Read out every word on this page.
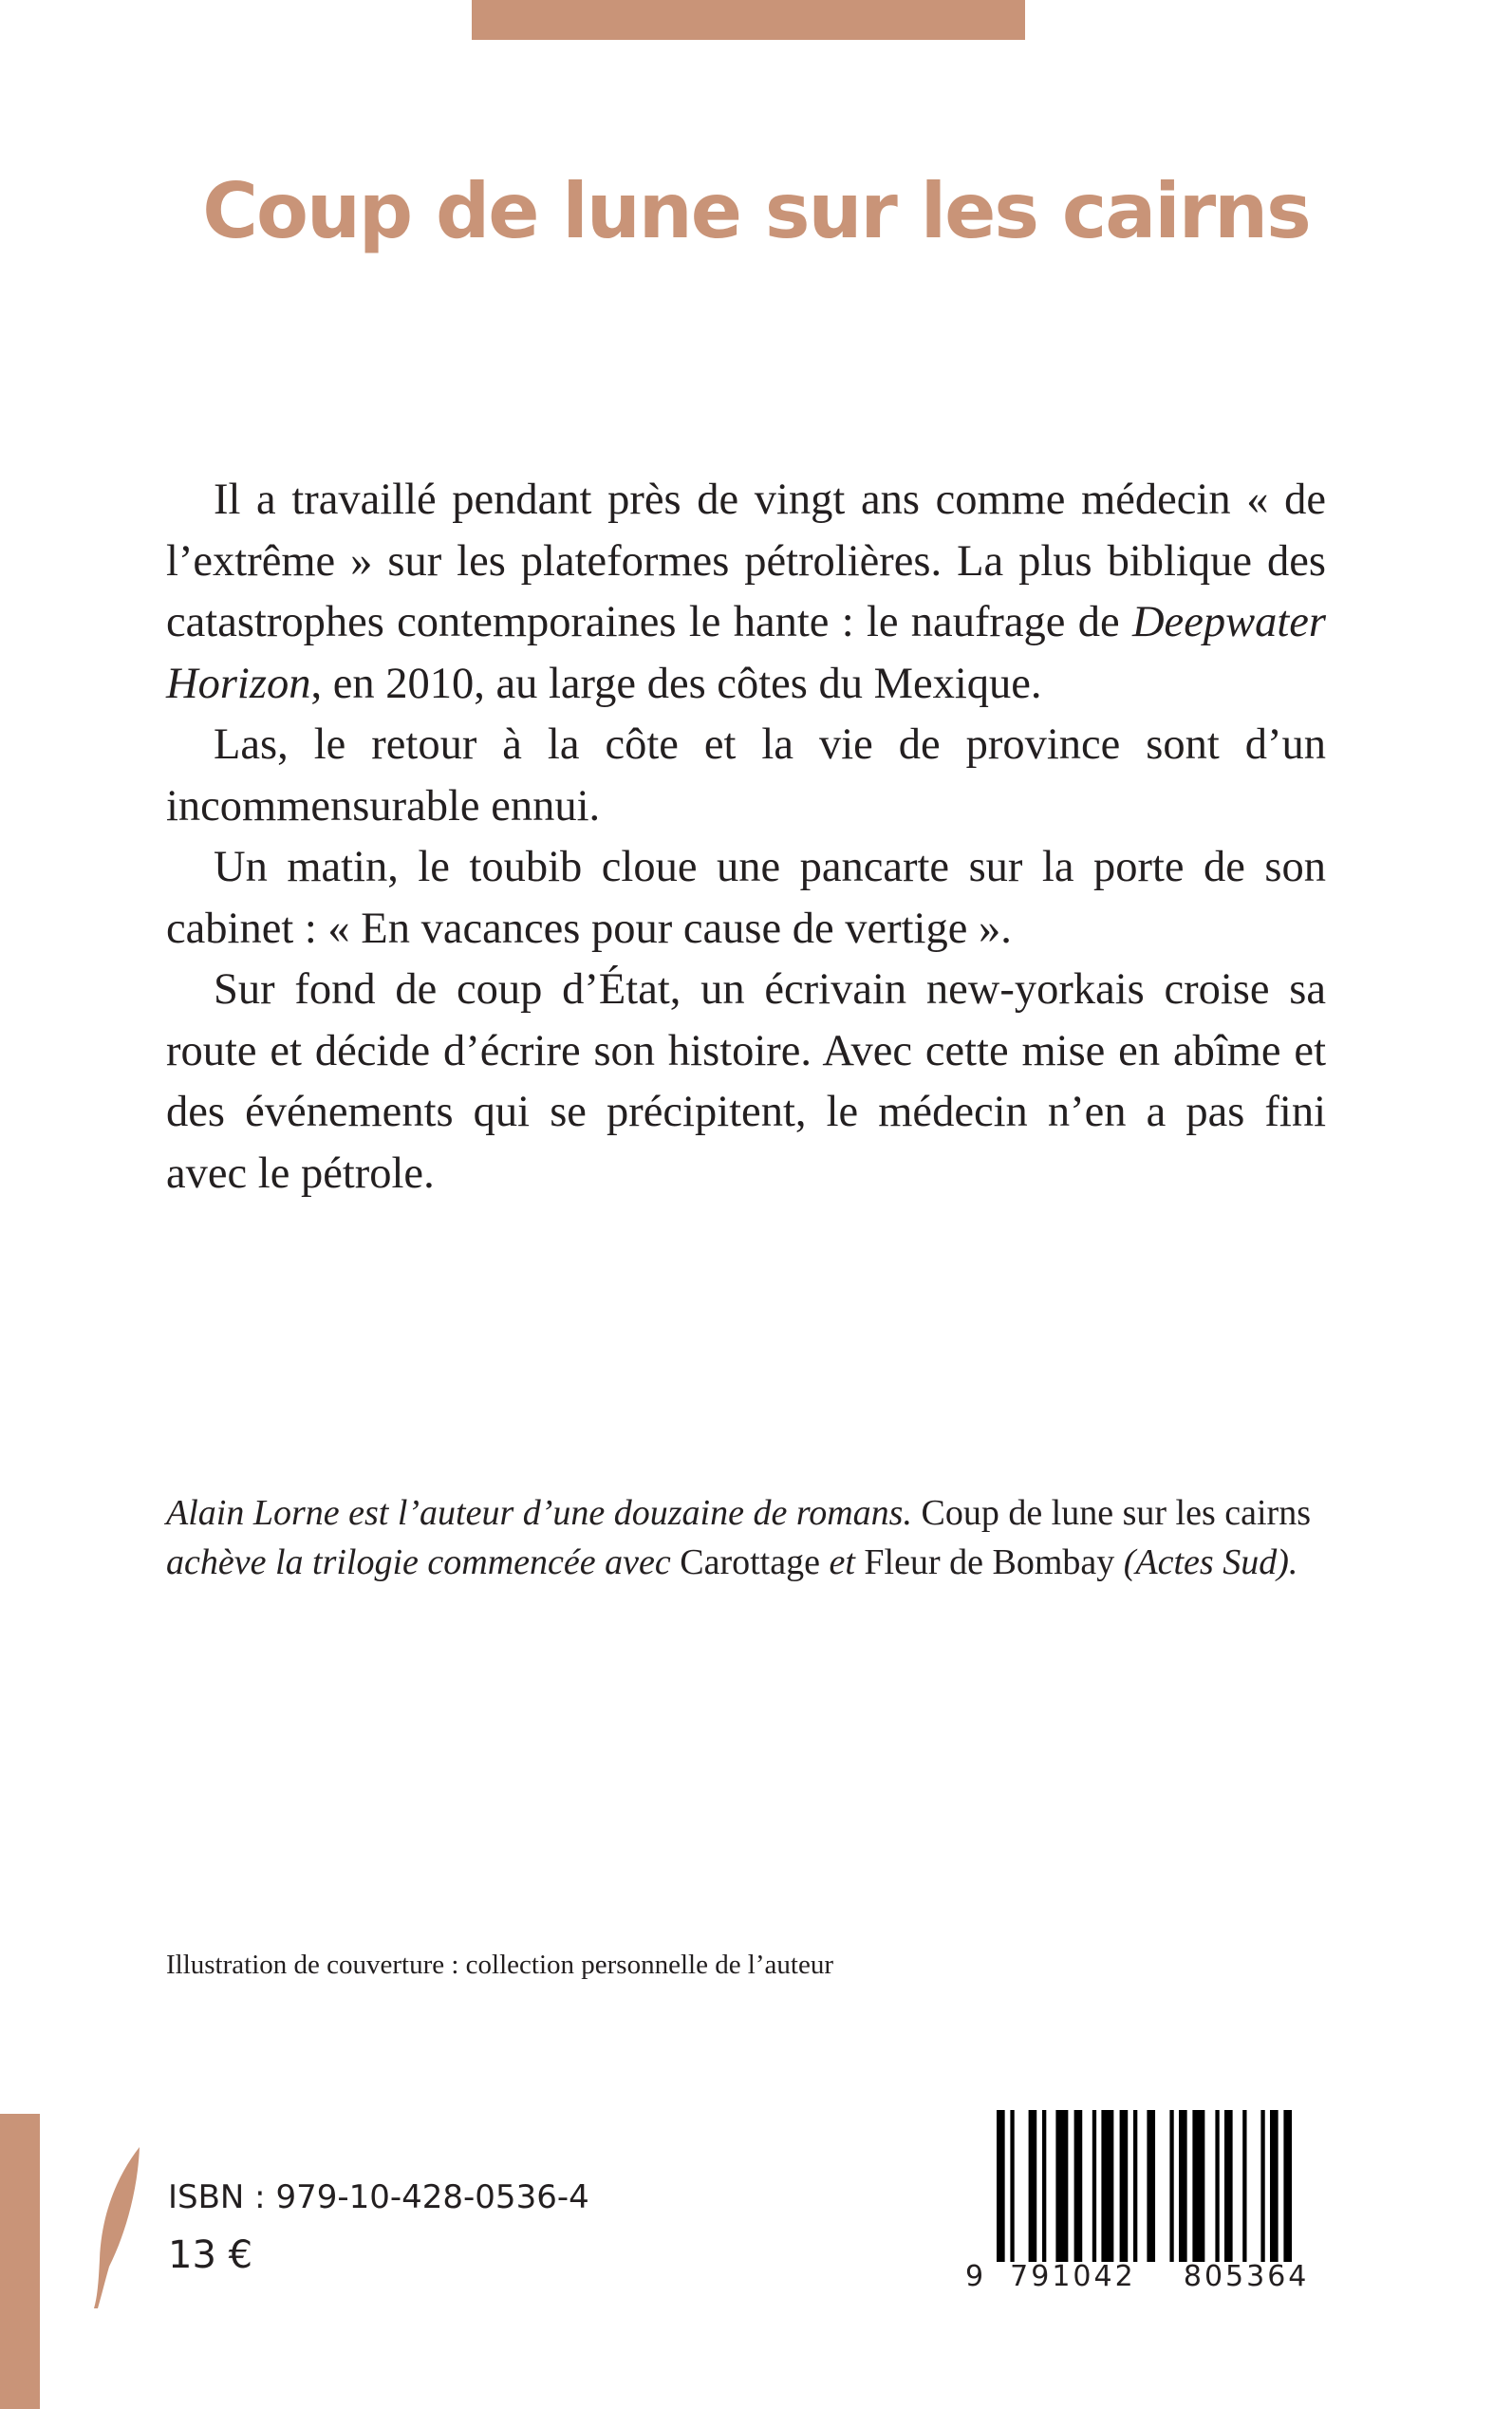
Coup de lune sur les cairns

Il a travaillé pendant près de vingt ans comme médecin « de l’extrême » sur les plateformes pétrolières. La plus biblique des catastrophes contemporaines le hante : le naufrage de Deepwater Horizon, en 2010, au large des côtes du Mexique.

Las, le retour à la côte et la vie de province sont d’un incommensurable ennui.

Un matin, le toubib cloue une pancarte sur la porte de son cabinet : « En vacances pour cause de vertige ».

Sur fond de coup d’État, un écrivain new-yorkais croise sa route et décide d’écrire son histoire. Avec cette mise en abîme et des événements qui se précipitent, le médecin n’en a pas fini avec le pétrole.

Alain Lorne est l’auteur d’une douzaine de romans. Coup de lune sur les cairns achève la trilogie commencée avec Carottage et Fleur de Bombay (Actes Sud).
Illustration de couverture : collection personnelle de l’auteur
ISBN : 979-10-428-0536-4
13 €	9 791042 805364
